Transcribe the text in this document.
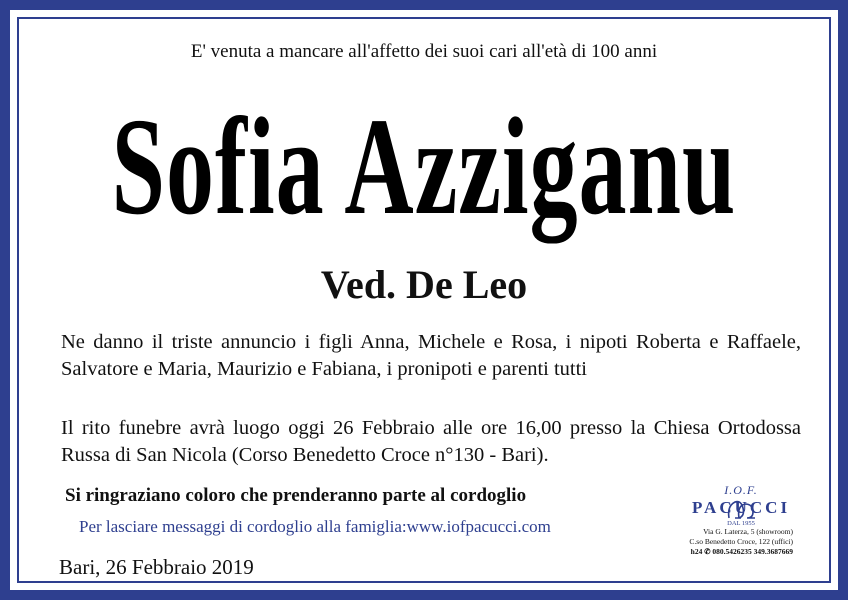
E' venuta a mancare all'affetto dei suoi cari all'età di 100 anni
Sofia Azziganu
Ved. De Leo
Ne danno il triste annuncio i figli Anna, Michele e Rosa, i nipoti Roberta e Raffaele, Salvatore e Maria, Maurizio e Fabiana, i pronipoti e parenti tutti
Il rito funebre avrà luogo oggi 26 Febbraio alle ore 16,00 presso la Chiesa Ortodossa Russa di San Nicola (Corso Benedetto Croce n°130 - Bari).
Si ringraziano coloro che prenderanno parte al cordoglio
Per lasciare messaggi di cordoglio alla famiglia:www.iofpacucci.com
Bari, 26 Febbraio 2019
I.O.F.
PACUCCI
DAL 1955
Via G. Laterza, 5 (showroom)
C.so Benedetto Croce, 122 (uffici)
h24 ✆ 080.5426235 349.3687669
